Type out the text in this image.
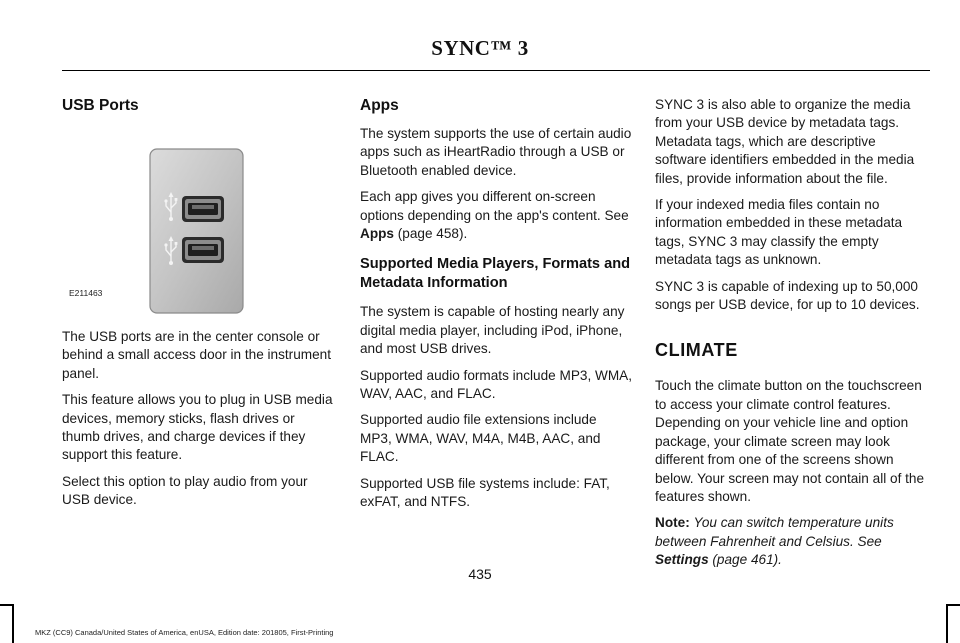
SYNC™ 3
USB Ports
E211463

The USB ports are in the center console or behind a small access door in the instrument panel.

This feature allows you to plug in USB media devices, memory sticks, flash drives or thumb drives, and charge devices if they support this feature.

Select this option to play audio from your USB device.

Apps

The system supports the use of certain audio apps such as iHeartRadio through a USB or Bluetooth enabled device.

Each app gives you different on-screen options depending on the app's content. See Apps (page 458).

Supported Media Players, Formats and Metadata Information

The system is capable of hosting nearly any digital media player, including iPod, iPhone, and most USB drives.

Supported audio formats include MP3, WMA, WAV, AAC, and FLAC.

Supported audio file extensions include MP3, WMA, WAV, M4A, M4B, AAC, and FLAC.

Supported USB file systems include: FAT, exFAT, and NTFS.

SYNC 3 is also able to organize the media from your USB device by metadata tags. Metadata tags, which are descriptive software identifiers embedded in the media files, provide information about the file.

If your indexed media files contain no information embedded in these metadata tags, SYNC 3 may classify the empty metadata tags as unknown.

SYNC 3 is capable of indexing up to 50,000 songs per USB device, for up to 10 devices.

CLIMATE

Touch the climate button on the touchscreen to access your climate control features. Depending on your vehicle line and option package, your climate screen may look different from one of the screens shown below. Your screen may not contain all of the features shown.

Note: You can switch temperature units between Fahrenheit and Celsius. See Settings (page 461).

435
MKZ (CC9) Canada/United States of America, enUSA, Edition date: 201805, First-Printing
